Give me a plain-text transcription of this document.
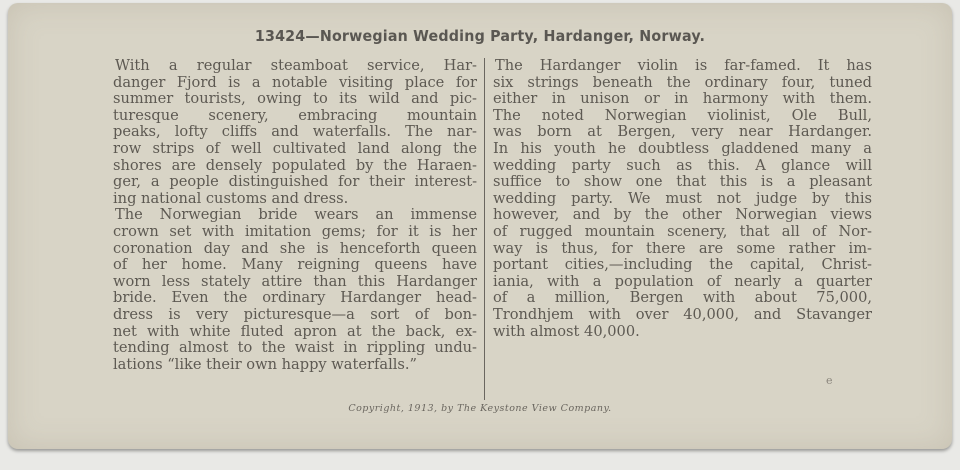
13424—Norwegian Wedding Party, Hardanger, Norway.
With a regular steamboat service, Har-
danger Fjord is a notable visiting place for
summer tourists, owing to its wild and pic-
turesque scenery, embracing mountain
peaks, lofty cliffs and waterfalls. The nar-
row strips of well cultivated land along the
shores are densely populated by the Haraen-
ger, a people distinguished for their interest-
ing national customs and dress.
The Norwegian bride wears an immense
crown set with imitation gems; for it is her
coronation day and she is henceforth queen
of her home. Many reigning queens have
worn less stately attire than this Hardanger
bride. Even the ordinary Hardanger head-
dress is very picturesque—a sort of bon-
net with white fluted apron at the back, ex-
tending almost to the waist in rippling undu-
lations “like their own happy waterfalls.”
The Hardanger violin is far-famed. It has
six strings beneath the ordinary four, tuned
either in unison or in harmony with them.
The noted Norwegian violinist, Ole Bull,
was born at Bergen, very near Hardanger.
In his youth he doubtless gladdened many a
wedding party such as this. A glance will
suffice to show one that this is a pleasant
wedding party. We must not judge by this
however, and by the other Norwegian views
of rugged mountain scenery, that all of Nor-
way is thus, for there are some rather im-
portant cities,—including the capital, Christ-
iania, with a population of nearly a quarter
of a million, Bergen with about 75,000,
Trondhjem with over 40,000, and Stavanger
with almost 40,000.
Copyright, 1913, by The Keystone View Company.
e
